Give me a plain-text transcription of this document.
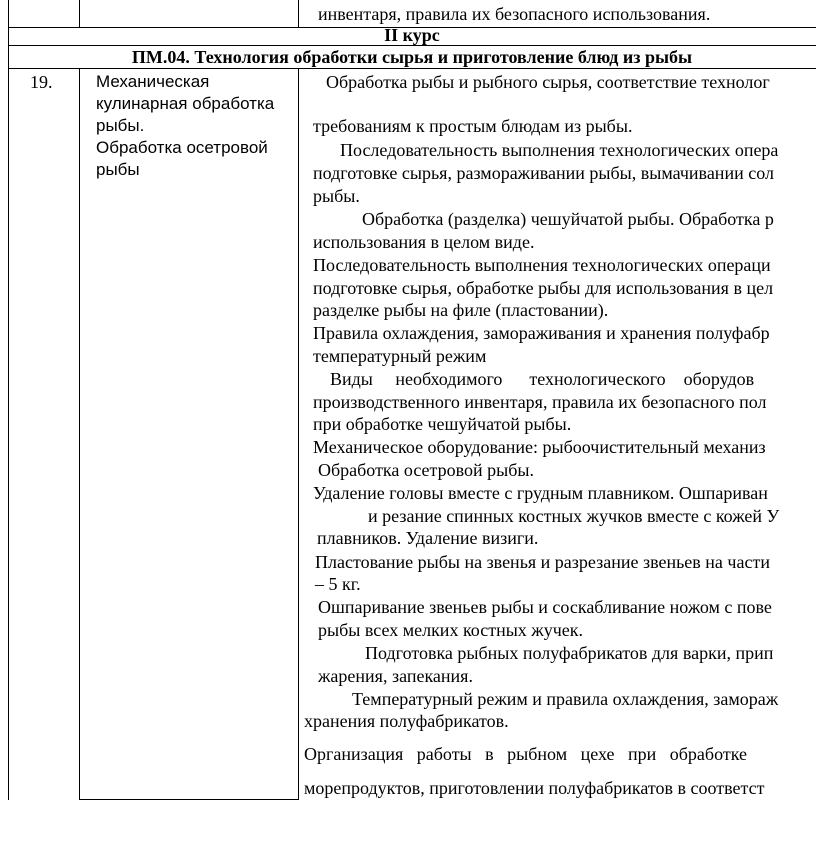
инвентаря, правила их безопасного использования.
II курс
ПМ.04. Технология обработки сырья и приготовление блюд из рыбы
19.	Механическая
кулинарная обработка
рыбы.
Обработка осетровой
рыбы
Обработка рыбы и рыбного сырья, соответствие технолог
требованиям к простым блюдам из рыбы.
Последовательность выполнения технологических опера
подготовке сырья, размораживании рыбы, вымачивании сол
рыбы.
Обработка (разделка) чешуйчатой рыбы. Обработка р
использования в целом виде.
Последовательность выполнения технологических операци
подготовке сырья, обработке рыбы для использования в цел
разделке рыбы на филе (пластовании).
Правила охлаждения, замораживания и хранения полуфабр
температурный режим
Виды     необходимого      технологического    оборудов
производственного инвентаря, правила их безопасного пол
при обработке чешуйчатой рыбы.
Механическое оборудование: рыбоочистительный механиз
Обработка осетровой рыбы.
Удаление головы вместе с грудным плавником. Ошпариван
и резание спинных костных жучков вместе с кожей У
плавников. Удаление визиги.
Пластование рыбы на звенья и разрезание звеньев на части
– 5 кг.
Ошпаривание звеньев рыбы и соскабливание ножом с пове
рыбы всех мелких костных жучек.
Подготовка рыбных полуфабрикатов для варки, прип
жарения, запекания.
Температурный режим и правила охлаждения, замораж
хранения полуфабрикатов.
Организация   работы   в   рыбном   цехе   при   обработке
морепродуктов, приготовлении полуфабрикатов в соответст
